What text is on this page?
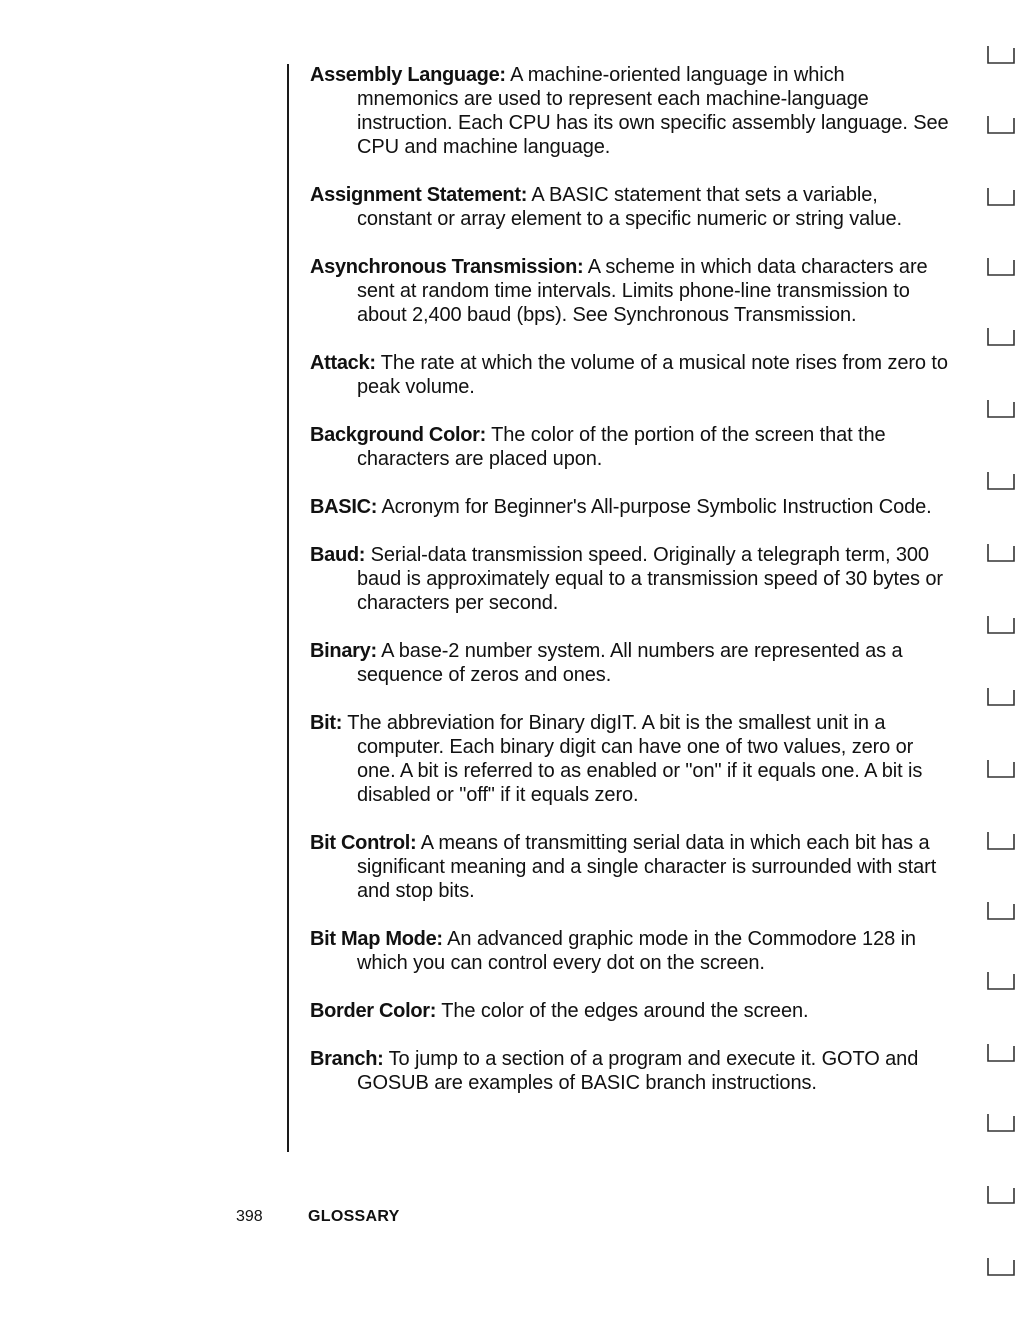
Assembly Language: A machine-oriented language in which mnemonics are used to represent each machine-language instruction. Each CPU has its own specific assembly language. See CPU and machine language.

Assignment Statement: A BASIC statement that sets a variable, constant or array element to a specific numeric or string value.

Asynchronous Transmission: A scheme in which data characters are sent at random time intervals. Limits phone-line transmission to about 2,400 baud (bps). See Synchronous Transmission.

Attack: The rate at which the volume of a musical note rises from zero to peak volume.

Background Color: The color of the portion of the screen that the characters are placed upon.

BASIC: Acronym for Beginner's All-purpose Symbolic Instruction Code.

Baud: Serial-data transmission speed. Originally a telegraph term, 300 baud is approximately equal to a transmission speed of 30 bytes or characters per second.

Binary: A base-2 number system. All numbers are represented as a sequence of zeros and ones.

Bit: The abbreviation for Binary digIT. A bit is the smallest unit in a computer. Each binary digit can have one of two values, zero or one. A bit is referred to as enabled or "on" if it equals one. A bit is disabled or "off" if it equals zero.

Bit Control: A means of transmitting serial data in which each bit has a significant meaning and a single character is surrounded with start and stop bits.

Bit Map Mode: An advanced graphic mode in the Commodore 128 in which you can control every dot on the screen.

Border Color: The color of the edges around the screen.

Branch: To jump to a section of a program and execute it. GOTO and GOSUB are examples of BASIC branch instructions.

398	GLOSSARY
